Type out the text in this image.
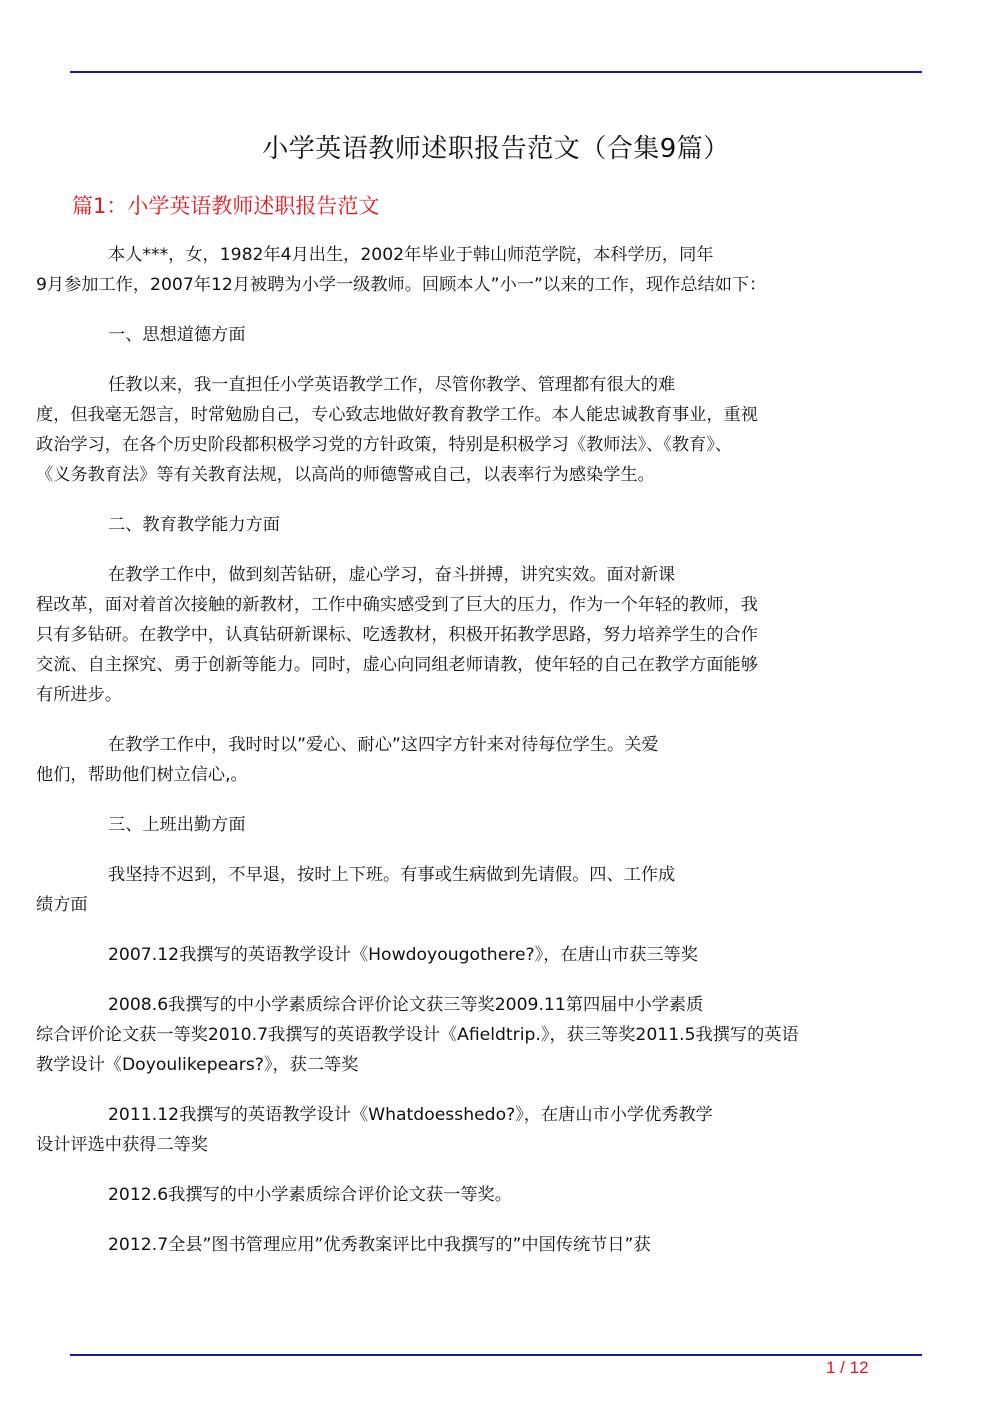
小学英语教师述职报告范文（合集9篇）
篇1：小学英语教师述职报告范文
本人***，女，1982年4月出生，2002年毕业于韩山师范学院，本科学历，同年
9月参加工作，2007年12月被聘为小学一级教师。回顾本人”小一”以来的工作，现作总结如下：
一、思想道德方面
任教以来，我一直担任小学英语教学工作，尽管你教学、管理都有很大的难
度，但我毫无怨言，时常勉励自己，专心致志地做好教育教学工作。本人能忠诚教育事业，重视
政治学习，在各个历史阶段都积极学习党的方针政策，特别是积极学习《教师法》、《教育》、
《义务教育法》等有关教育法规，以高尚的师德警戒自己，以表率行为感染学生。
二、教育教学能力方面
在教学工作中，做到刻苦钻研，虚心学习，奋斗拼搏，讲究实效。面对新课
程改革，面对着首次接触的新教材，工作中确实感受到了巨大的压力，作为一个年轻的教师，我
只有多钻研。在教学中，认真钻研新课标、吃透教材，积极开拓教学思路，努力培养学生的合作
交流、自主探究、勇于创新等能力。同时，虚心向同组老师请教，使年轻的自己在教学方面能够
有所进步。
在教学工作中，我时时以”爱心、耐心”这四字方针来对待每位学生。关爱
他们，帮助他们树立信心,。
三、上班出勤方面
我坚持不迟到，不早退，按时上下班。有事或生病做到先请假。四、工作成
绩方面
2007.12我撰写的英语教学设计《Howdoyougothere?》，在唐山市获三等奖
2008.6我撰写的中小学素质综合评价论文获三等奖2009.11第四届中小学素质
综合评价论文获一等奖2010.7我撰写的英语教学设计《Afieldtrip.》，获三等奖2011.5我撰写的英语
教学设计《Doyoulikepears?》，获二等奖
2011.12我撰写的英语教学设计《Whatdoesshedo?》，在唐山市小学优秀教学
设计评选中获得二等奖
2012.6我撰写的中小学素质综合评价论文获一等奖。
2012.7全县”图书管理应用”优秀教案评比中我撰写的”中国传统节日”获
1 / 12
